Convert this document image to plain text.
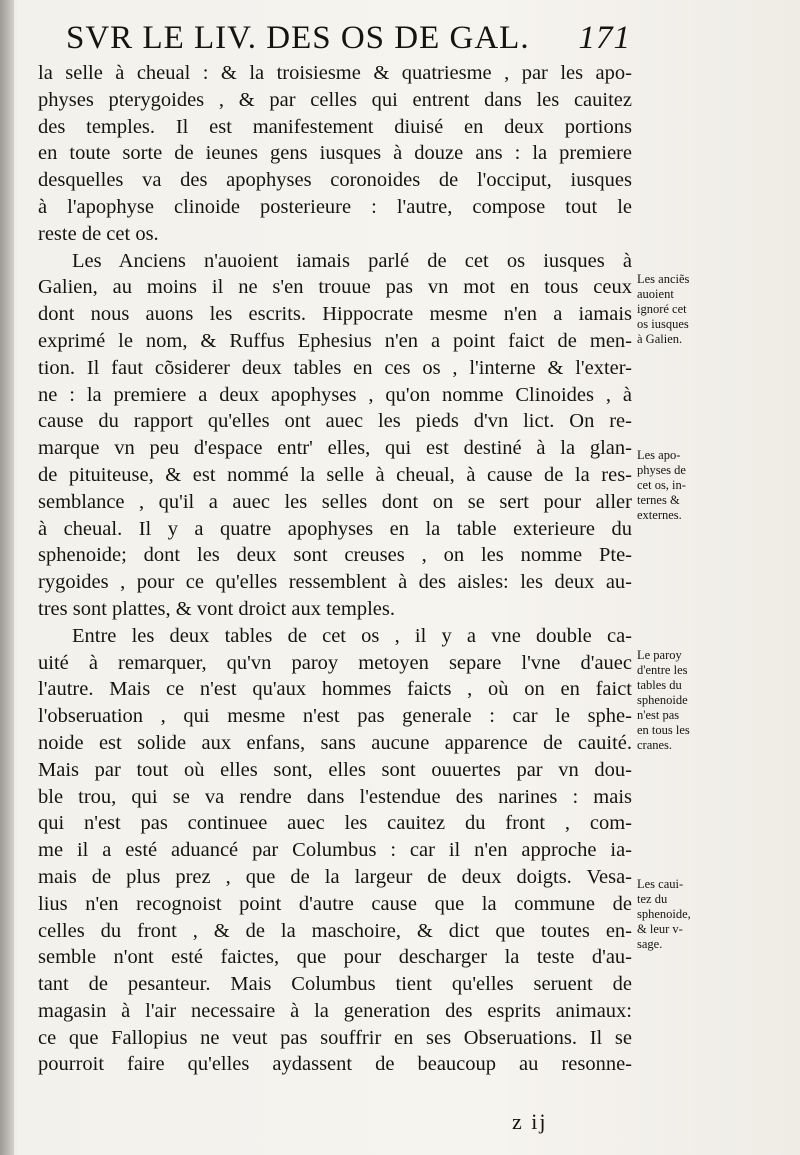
SVR LE LIV. DES OS DE GAL. 171
la selle à cheual : & la troisiesme & quatriesme , par les apo-
physes pterygoides , & par celles qui entrent dans les cauitez
des temples. Il est manifestement diuisé en deux portions
en toute sorte de ieunes gens iusques à douze ans : la premiere
desquelles va des apophyses coronoides de l'occiput, iusques
à l'apophyse clinoide posterieure : l'autre, compose tout le
reste de cet os.
Les Anciens n'auoient iamais parlé de cet os iusques à
Galien, au moins il ne s'en trouue pas vn mot en tous ceux
dont nous auons les escrits. Hippocrate mesme n'en a iamais
exprimé le nom, & Ruffus Ephesius n'en a point faict de men-
tion. Il faut cõsiderer deux tables en ces os , l'interne & l'exter-
ne : la premiere a deux apophyses , qu'on nomme Clinoides , à
cause du rapport qu'elles ont auec les pieds d'vn lict. On re-
marque vn peu d'espace entr' elles, qui est destiné à la glan-
de pituiteuse, & est nommé la selle à cheual, à cause de la res-
semblance , qu'il a auec les selles dont on se sert pour aller
à cheual. Il y a quatre apophyses en la table exterieure du
sphenoide; dont les deux sont creuses , on les nomme Pte-
rygoides , pour ce qu'elles ressemblent à des aisles: les deux au-
tres sont plattes, & vont droict aux temples.
Entre les deux tables de cet os , il y a vne double ca-
uité à remarquer, qu'vn paroy metoyen separe l'vne d'auec
l'autre. Mais ce n'est qu'aux hommes faicts , où on en faict
l'obseruation , qui mesme n'est pas generale : car le sphe-
noide est solide aux enfans, sans aucune apparence de cauité.
Mais par tout où elles sont, elles sont ouuertes par vn dou-
ble trou, qui se va rendre dans l'estendue des narines : mais
qui n'est pas continuee auec les cauitez du front , com-
me il a esté aduancé par Columbus : car il n'en approche ia-
mais de plus prez , que de la largeur de deux doigts. Vesa-
lius n'en recognoist point d'autre cause que la commune de
celles du front , & de la maschoire, & dict que toutes en-
semble n'ont esté faictes, que pour descharger la teste d'au-
tant de pesanteur. Mais Columbus tient qu'elles seruent de
magasin à l'air necessaire à la generation des esprits animaux:
ce que Fallopius ne veut pas souffrir en ses Obseruations. Il se
pourroit faire qu'elles aydassent de beaucoup au resonne-
Les anciẽs
auoient
ignoré cet
os iusques
à Galien.
Les apo-
physes de
cet os, in-
ternes &
externes.
Le paroy
d'entre les
tables du
sphenoide
n'est pas
en tous les
cranes.
Les caui-
tez du
sphenoide,
& leur v-
sage.
z ij
